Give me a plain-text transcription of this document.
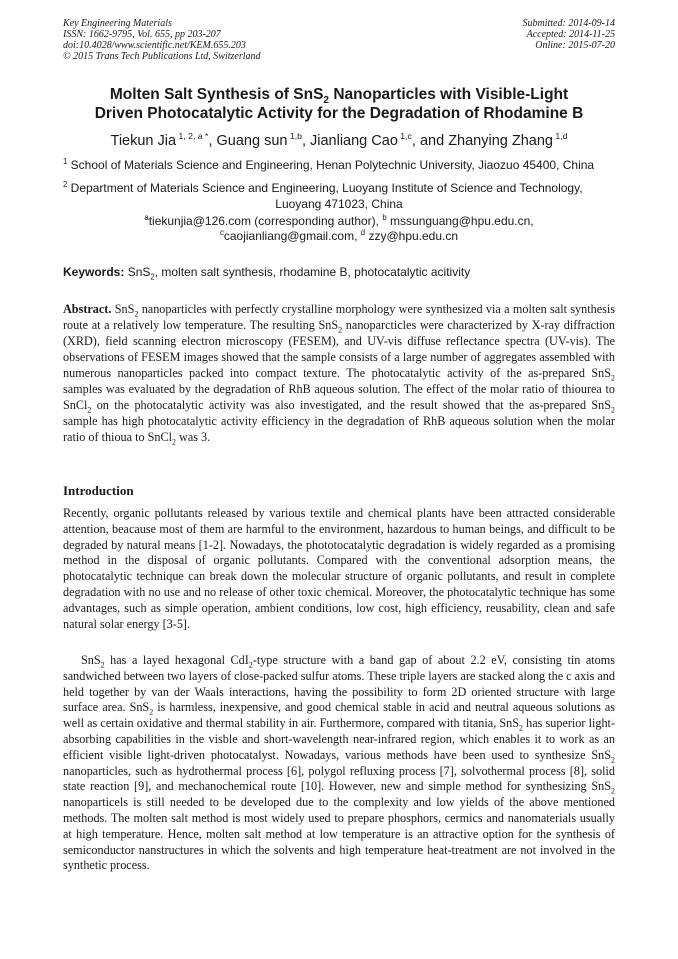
Key Engineering Materials
ISSN: 1662-9795, Vol. 655, pp 203-207
doi:10.4028/www.scientific.net/KEM.655.203
© 2015 Trans Tech Publications Ltd, Switzerland
Submitted: 2014-09-14
Accepted: 2014-11-25
Online: 2015-07-20
Molten Salt Synthesis of SnS$_2$ Nanoparticles with Visible-Light
Driven Photocatalytic Activity for the Degradation of Rhodamine B
Tiekun Jia $^{1, 2, a *}$, Guang sun $^{1,b}$, Jianliang Cao $^{1,c}$, and Zhanying Zhang $^{1,d}$
$^1$ School of Materials Science and Engineering, Henan Polytechnic University, Jiaozuo 45400, China
$^2$ Department of Materials Science and Engineering, Luoyang Institute of Science and Technology,
Luoyang 471023, China
$^a$tiekunjia@126.com (corresponding author), $^b$ mssunguang@hpu.edu.cn,
$^c$caojianliang@gmail.com, $^d$ zzy@hpu.edu.cn
Keywords: SnS$_2$, molten salt synthesis, rhodamine B, photocatalytic acitivity
Abstract. SnS$_2$ nanoparticles with perfectly crystalline morphology were synthesized via a molten salt synthesis route at a relatively low temperature. The resulting SnS$_2$ nanoparcticles were characterized by X-ray diffraction (XRD), field scanning electron microscopy (FESEM), and UV-vis diffuse reflectance spectra (UV-vis). The observations of FESEM images showed that the sample consists of a large number of aggregates assembled with numerous nanoparticles packed into compact texture. The photocatalytic activity of the as-prepared SnS$_2$ samples was evaluated by the degradation of RhB aqueous solution. The effect of the molar ratio of thiourea to SnCl$_2$ on the photocatalytic activity was also investigated, and the result showed that the as-prepared SnS$_2$ sample has high photocatalytic activity efficiency in the degradation of RhB aqueous solution when the molar ratio of thioua to SnCl$_2$ was 3.
Introduction
Recently, organic pollutants released by various textile and chemical plants have been attracted considerable attention, beacause most of them are harmful to the environment, hazardous to human beings, and difficult to be degraded by natural means [1-2]. Nowadays, the phototocatalytic degradation is widely regarded as a promising method in the disposal of organic pollutants. Compared with the conventional adsorption means, the photocatalytic technique can break down the molecular structure of organic pollutants, and result in complete degradation with no use and no release of other toxic chemical. Moreover, the photocatalytic technique has some advantages, such as simple operation, ambient conditions, low cost, high efficiency, reusability, clean and safe natural solar energy [3-5].
SnS$_2$ has a layed hexagonal CdI$_2$-type structure with a band gap of about 2.2 eV, consisting tin atoms sandwiched between two layers of close-packed sulfur atoms. These triple layers are stacked along the c axis and held together by van der Waals interactions, having the possibility to form 2D oriented structure with large surface area. SnS$_2$ is harmless, inexpensive, and good chemical stable in acid and neutral aqueous solutions as well as certain oxidative and thermal stability in air. Furthermore, compared with titania, SnS$_2$ has superior light-absorbing capabilities in the visble and short-wavelength near-infrared region, which enables it to work as an efficient visible light-driven photocatalyst. Nowadays, various methods have been used to synthesize SnS$_2$ nanoparticles, such as hydrothermal process [6], polygol refluxing process [7], solvothermal process [8], solid state reaction [9], and mechanochemical route [10]. However, new and simple method for synthesizing SnS$_2$ nanoparticels is still needed to be developed due to the complexity and low yields of the above mentioned methods. The molten salt method is most widely used to prepare phosphors, cermics and nanomaterials usually at high temperature. Hence, molten salt method at low temperature is an attractive option for the synthesis of semiconductor nanstructures in which the solvents and high temperature heat-treatment are not involved in the synthetic process.
